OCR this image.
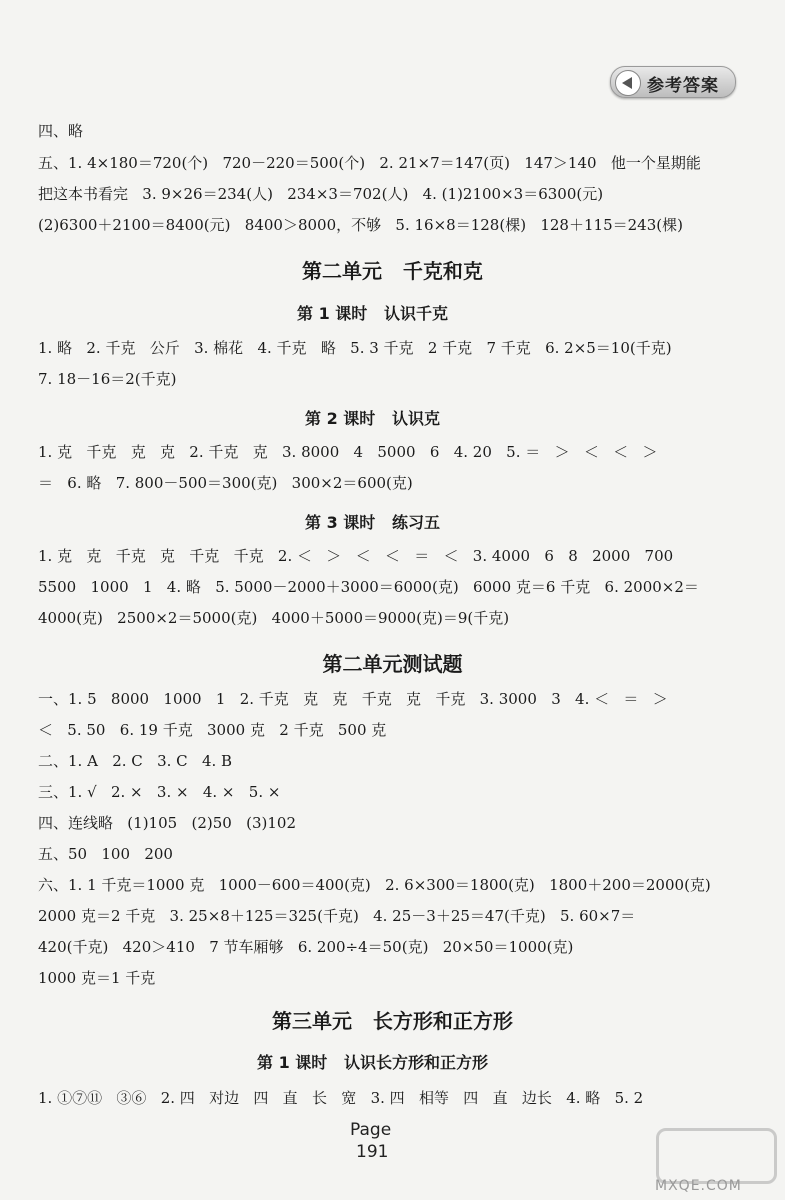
参考答案
四、略
五、1. 4×180＝720(个)   720－220＝500(个)   2. 21×7＝147(页)   147＞140   他一个星期能
把这本书看完   3. 9×26＝234(人)   234×3＝702(人)   4. (1)2100×3＝6300(元)
(2)6300＋2100＝8400(元)   8400＞8000，不够   5. 16×8＝128(棵)   128＋115＝243(棵)
第二单元   千克和克
第 1 课时   认识千克
1. 略   2. 千克   公斤   3. 棉花   4. 千克   略   5. 3 千克   2 千克   7 千克   6. 2×5＝10(千克)
7. 18－16＝2(千克)
第 2 课时   认识克
1. 克   千克   克   克   2. 千克   克   3. 8000   4   5000   6   4. 20   5. ＝   ＞   ＜   ＜   ＞
＝   6. 略   7. 800－500＝300(克)   300×2＝600(克)
第 3 课时   练习五
1. 克   克   千克   克   千克   千克   2. ＜   ＞   ＜   ＜   ＝   ＜   3. 4000   6   8   2000   700
5500   1000   1   4. 略   5. 5000－2000＋3000＝6000(克)   6000 克＝6 千克   6. 2000×2＝
4000(克)   2500×2＝5000(克)   4000＋5000＝9000(克)＝9(千克)
第二单元测试题
一、1. 5   8000   1000   1   2. 千克   克   克   千克   克   千克   3. 3000   3   4. ＜   ＝   ＞
＜   5. 50   6. 19 千克   3000 克   2 千克   500 克
二、1. A   2. C   3. C   4. B
三、1. √   2. ×   3. ×   4. ×   5. ×
四、连线略   (1)105   (2)50   (3)102
五、50   100   200
六、1. 1 千克＝1000 克   1000－600＝400(克)   2. 6×300＝1800(克)   1800＋200＝2000(克)
2000 克＝2 千克   3. 25×8＋125＝325(千克)   4. 25－3＋25＝47(千克)   5. 60×7＝
420(千克)   420＞410   7 节车厢够   6. 200÷4＝50(克)   20×50＝1000(克)
1000 克＝1 千克
第三单元   长方形和正方形
第 1 课时   认识长方形和正方形
1. ①⑦⑪   ③⑥   2. 四   对边   四   直   长   宽   3. 四   相等   四   直   边长   4. 略   5. 2
Page
191
MXQE.COM
